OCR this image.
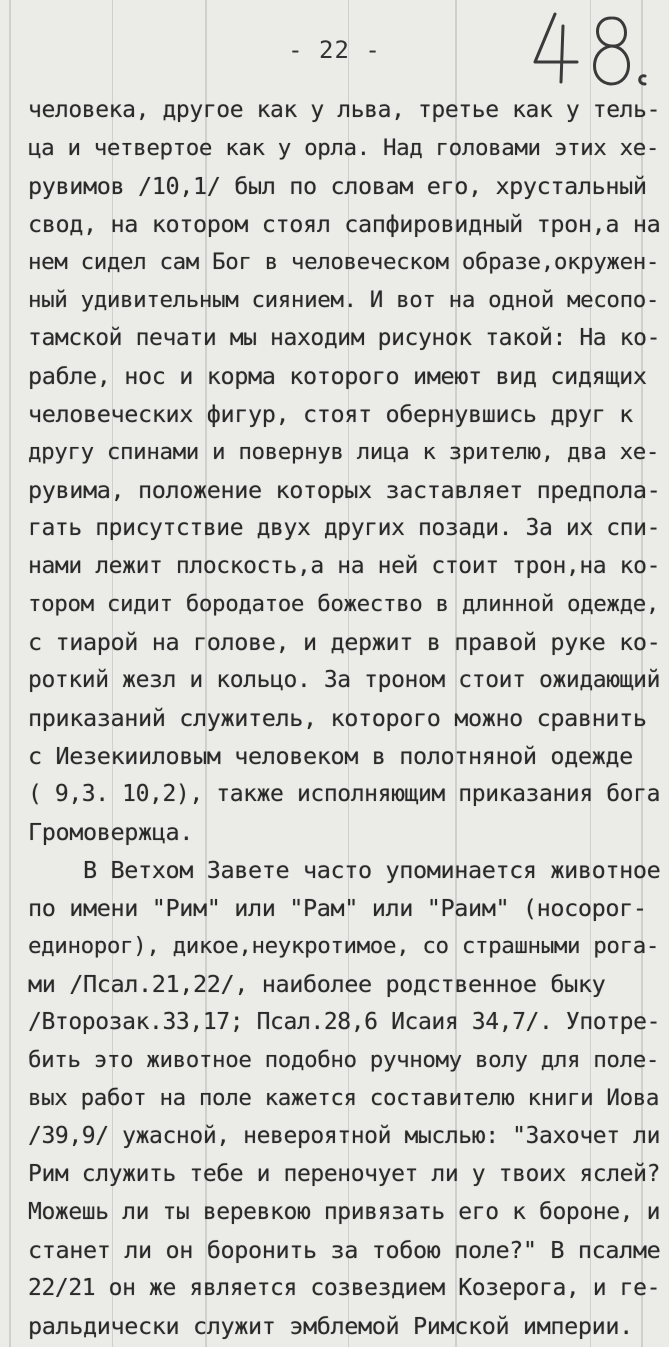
- 22 -
человека, другое как у льва, третье как у тель-
ца и четвертое как у орла. Над головами этих хе-
рувимов /10,1/ был по словам его, хрустальный
свод, на котором стоял сапфировидный трон,а на
нем сидел сам Бог в человеческом образе,окружен-
ный удивительным сиянием. И вот на одной месопо-
тамской печати мы находим рисунок такой: На ко-
рабле, нос и корма которого имеют вид сидящих
человеческих фигур, стоят обернувшись друг к
другу спинами и повернув лица к зрителю, два хе-
рувима, положение которых заставляет предпола-
гать присутствие двух других позади. За их спи-
нами лежит плоскость,а на ней стоит трон,на ко-
тором сидит бородатое божество в длинной одежде,
с тиарой на голове, и держит в правой руке ко-
роткий жезл и кольцо. За троном стоит ожидающий
приказаний служитель, которого можно сравнить
с Иезекииловым человеком в полотняной одежде
( 9,3. 10,2), также исполняющим приказания бога
Громовержца.
В Ветхом Завете часто упоминается животное
по имени "Рим" или "Рам" или "Раим" (носорог-
единорог), дикое,неукротимое, со страшными рога-
ми /Псал.21,22/, наиболее родственное быку
/Второзак.33,17; Псал.28,6 Исаия 34,7/. Употре-
бить это животное подобно ручному волу для поле-
вых работ на поле кажется составителю книги Иова
/39,9/ ужасной, невероятной мыслью: "Захочет ли
Рим служить тебе и переночует ли у твоих яслей?
Можешь ли ты веревкою привязать его к бороне, и
станет ли он боронить за тобою поле?" В псалме
22/21 он же является созвездием Козерога, и ге-
ральдически служит эмблемой Римской империи.
